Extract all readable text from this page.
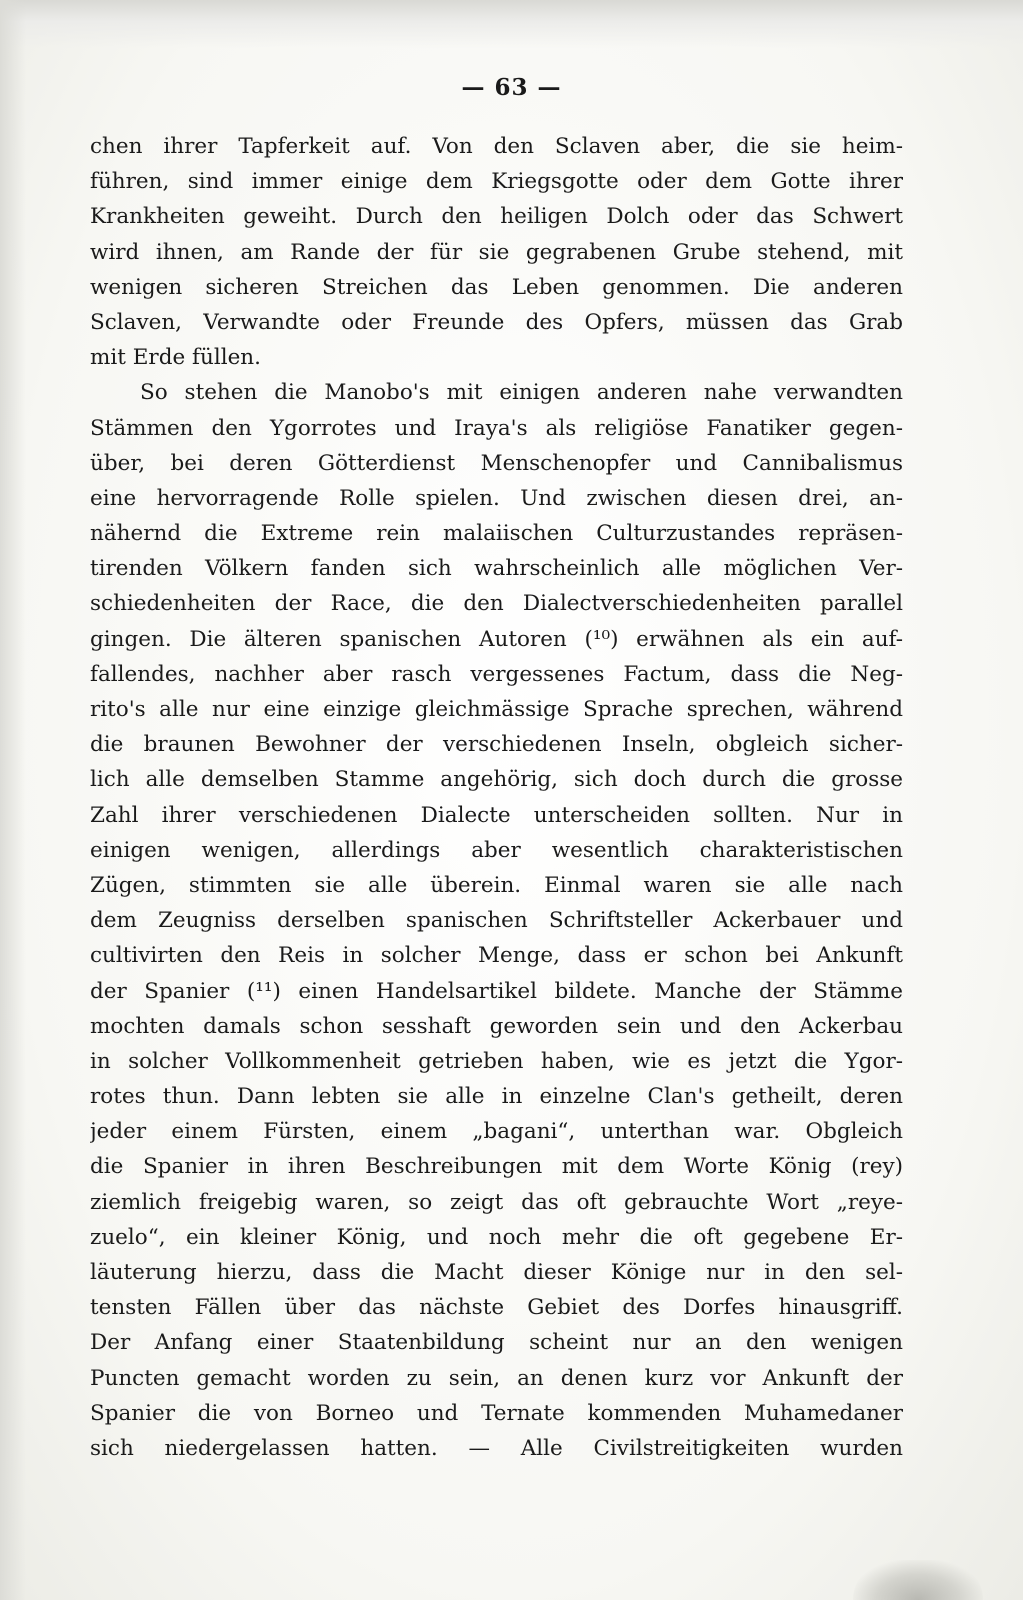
— 63 —
chen ihrer Tapferkeit auf. Von den Sclaven aber, die sie heim-
führen, sind immer einige dem Kriegsgotte oder dem Gotte ihrer
Krankheiten geweiht. Durch den heiligen Dolch oder das Schwert
wird ihnen, am Rande der für sie gegrabenen Grube stehend, mit
wenigen sicheren Streichen das Leben genommen. Die anderen
Sclaven, Verwandte oder Freunde des Opfers, müssen das Grab
mit Erde füllen.
So stehen die Manobo's mit einigen anderen nahe verwandten
Stämmen den Ygorrotes und Iraya's als religiöse Fanatiker gegen-
über, bei deren Götterdienst Menschenopfer und Cannibalismus
eine hervorragende Rolle spielen. Und zwischen diesen drei, an-
nähernd die Extreme rein malaiischen Culturzustandes repräsen-
tirenden Völkern fanden sich wahrscheinlich alle möglichen Ver-
schiedenheiten der Race, die den Dialectverschiedenheiten parallel
gingen. Die älteren spanischen Autoren (¹⁰) erwähnen als ein auf-
fallendes, nachher aber rasch vergessenes Factum, dass die Neg-
rito's alle nur eine einzige gleichmässige Sprache sprechen, während
die braunen Bewohner der verschiedenen Inseln, obgleich sicher-
lich alle demselben Stamme angehörig, sich doch durch die grosse
Zahl ihrer verschiedenen Dialecte unterscheiden sollten. Nur in
einigen wenigen, allerdings aber wesentlich charakteristischen
Zügen, stimmten sie alle überein. Einmal waren sie alle nach
dem Zeugniss derselben spanischen Schriftsteller Ackerbauer und
cultivirten den Reis in solcher Menge, dass er schon bei Ankunft
der Spanier (¹¹) einen Handelsartikel bildete. Manche der Stämme
mochten damals schon sesshaft geworden sein und den Ackerbau
in solcher Vollkommenheit getrieben haben, wie es jetzt die Ygor-
rotes thun. Dann lebten sie alle in einzelne Clan's getheilt, deren
jeder einem Fürsten, einem „bagani“, unterthan war. Obgleich
die Spanier in ihren Beschreibungen mit dem Worte König (rey)
ziemlich freigebig waren, so zeigt das oft gebrauchte Wort „reye-
zuelo“, ein kleiner König, und noch mehr die oft gegebene Er-
läuterung hierzu, dass die Macht dieser Könige nur in den sel-
tensten Fällen über das nächste Gebiet des Dorfes hinausgriff.
Der Anfang einer Staatenbildung scheint nur an den wenigen
Puncten gemacht worden zu sein, an denen kurz vor Ankunft der
Spanier die von Borneo und Ternate kommenden Muhamedaner
sich niedergelassen hatten. — Alle Civilstreitigkeiten wurden
